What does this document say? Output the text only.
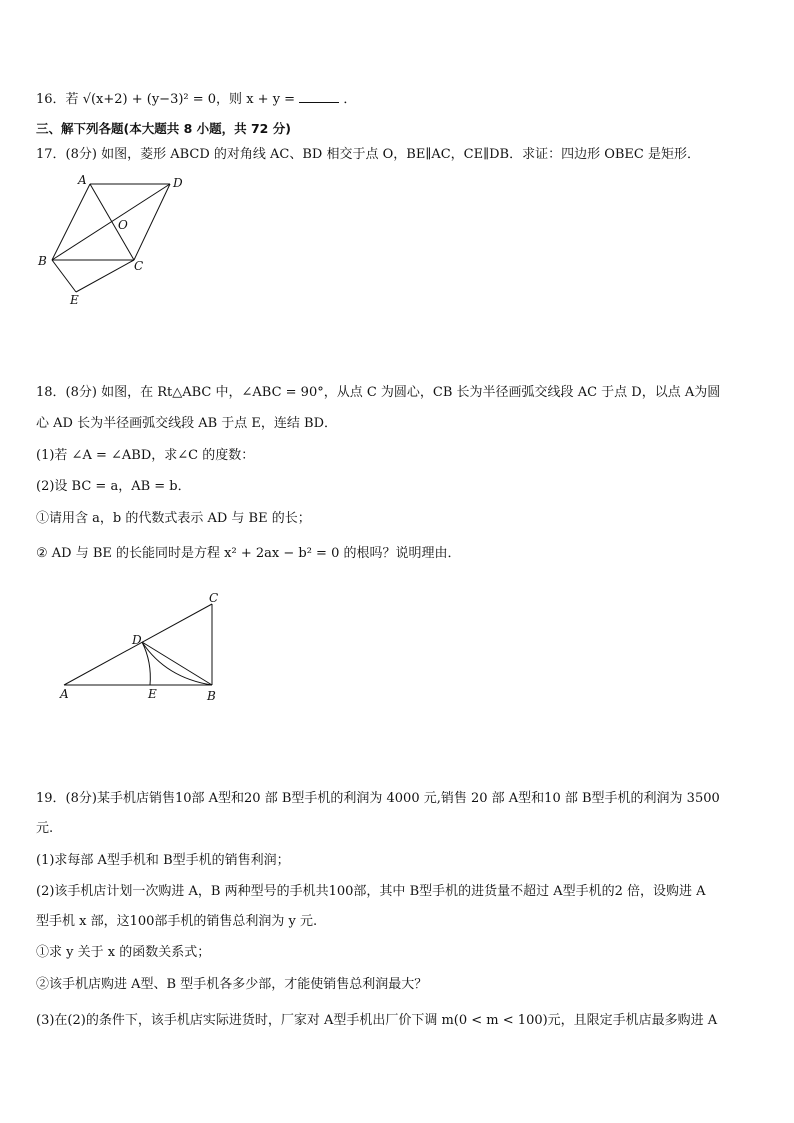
16．若 √(x+2) + (y−3)² = 0，则 x + y =	．
三、解下列各题(本大题共 8 小题，共 72 分)
17．(8分) 如图，菱形 ABCD 的对角线 AC、BD 相交于点 O，BE∥AC，CE∥DB．求证：四边形 OBEC 是矩形．
A	D
O
B	C
E
18．(8分) 如图，在 Rt△ABC 中，∠ABC = 90°，从点 C 为圆心，CB 长为半径画弧交线段 AC 于点 D，以点 A为圆
心 AD 长为半径画弧交线段 AB 于点 E，连结 BD．
(1)若 ∠A = ∠ABD，求∠C 的度数：
(2)设 BC = a，AB = b．
①请用含 a，b 的代数式表示 AD 与 BE 的长；
② AD 与 BE 的长能同时是方程 x² + 2ax − b² = 0 的根吗？说明理由．
C
D
A	E	B
19．(8分)某手机店销售10部 A型和20 部 B型手机的利润为 4000 元,销售 20 部 A型和10 部 B型手机的利润为 3500
元.
(1)求每部 A型手机和 B型手机的销售利润；
(2)该手机店计划一次购进 A，B 两种型号的手机共100部，其中 B型手机的进货量不超过 A型手机的2 倍，设购进 A
型手机 x 部，这100部手机的销售总利润为 y 元.
①求 y 关于 x 的函数关系式；
②该手机店购进 A型、B 型手机各多少部，才能使销售总利润最大？
(3)在(2)的条件下，该手机店实际进货时，厂家对 A型手机出厂价下调 m(0 < m < 100)元，且限定手机店最多购进 A
